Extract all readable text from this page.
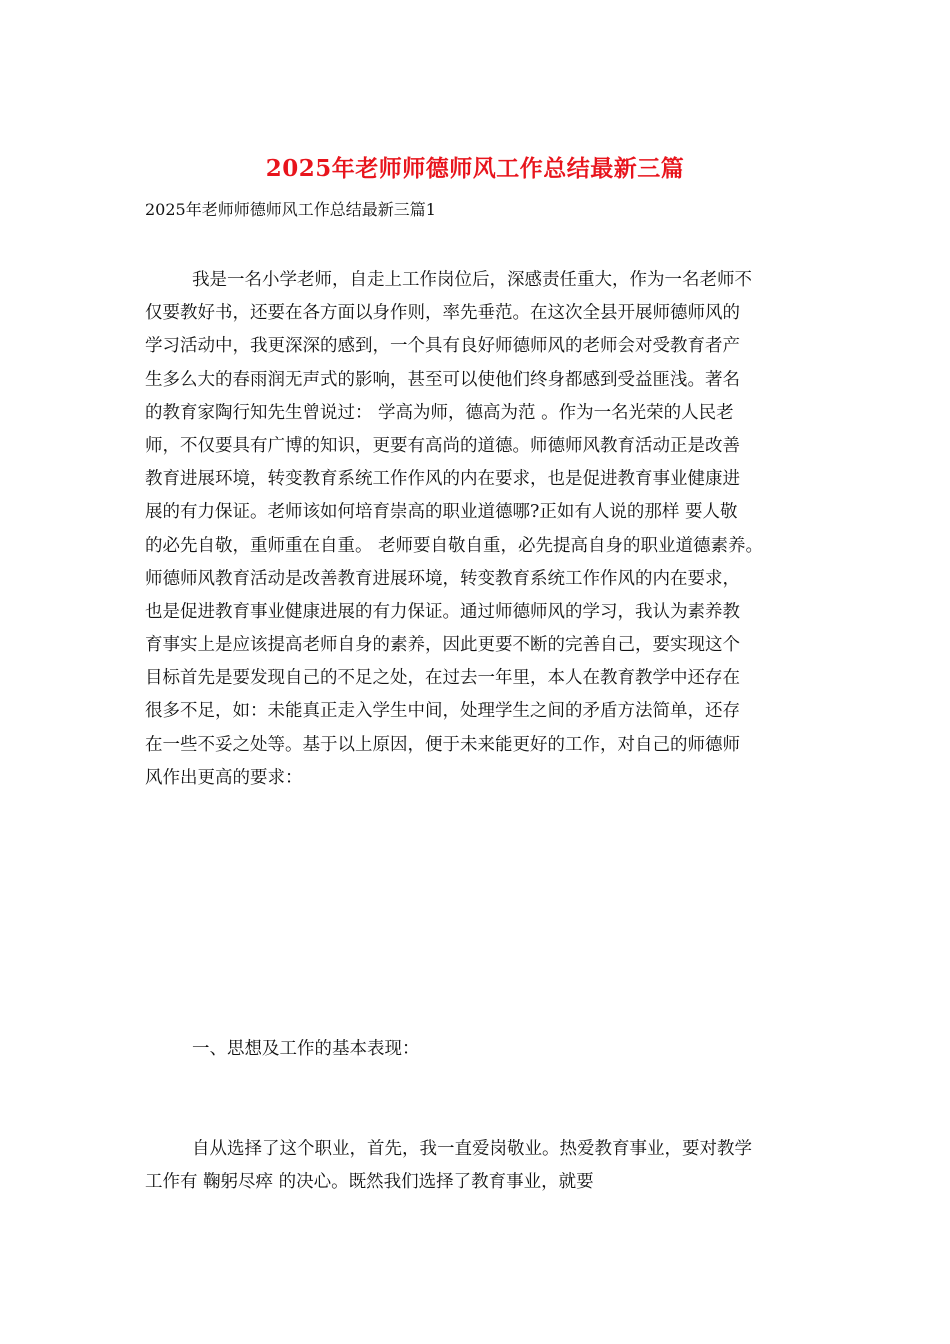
2025年老师师德师风工作总结最新三篇
2025年老师师德师风工作总结最新三篇1
我是一名小学老师，自走上工作岗位后，深感责任重大，作为一名老师不
仅要教好书，还要在各方面以身作则，率先垂范。在这次全县开展师德师风的
学习活动中，我更深深的感到，一个具有良好师德师风的老师会对受教育者产
生多么大的春雨润无声式的影响，甚至可以使他们终身都感到受益匪浅。著名
的教育家陶行知先生曾说过： 学高为师，德高为范 。作为一名光荣的人民老
师，不仅要具有广博的知识，更要有高尚的道德。师德师风教育活动正是改善
教育进展环境，转变教育系统工作作风的内在要求，也是促进教育事业健康进
展的有力保证。老师该如何培育崇高的职业道德哪?正如有人说的那样 要人敬
的必先自敬，重师重在自重。 老师要自敬自重，必先提高自身的职业道德素养。
师德师风教育活动是改善教育进展环境，转变教育系统工作作风的内在要求，
也是促进教育事业健康进展的有力保证。通过师德师风的学习，我认为素养教
育事实上是应该提高老师自身的素养，因此更要不断的完善自己，要实现这个
目标首先是要发现自己的不足之处，在过去一年里，本人在教育教学中还存在
很多不足，如：未能真正走入学生中间，处理学生之间的矛盾方法简单，还存
在一些不妥之处等。基于以上原因，便于未来能更好的工作，对自己的师德师
风作出更高的要求：
一、思想及工作的基本表现：
自从选择了这个职业，首先，我一直爱岗敬业。热爱教育事业，要对教学
工作有 鞠躬尽瘁 的决心。既然我们选择了教育事业，就要
